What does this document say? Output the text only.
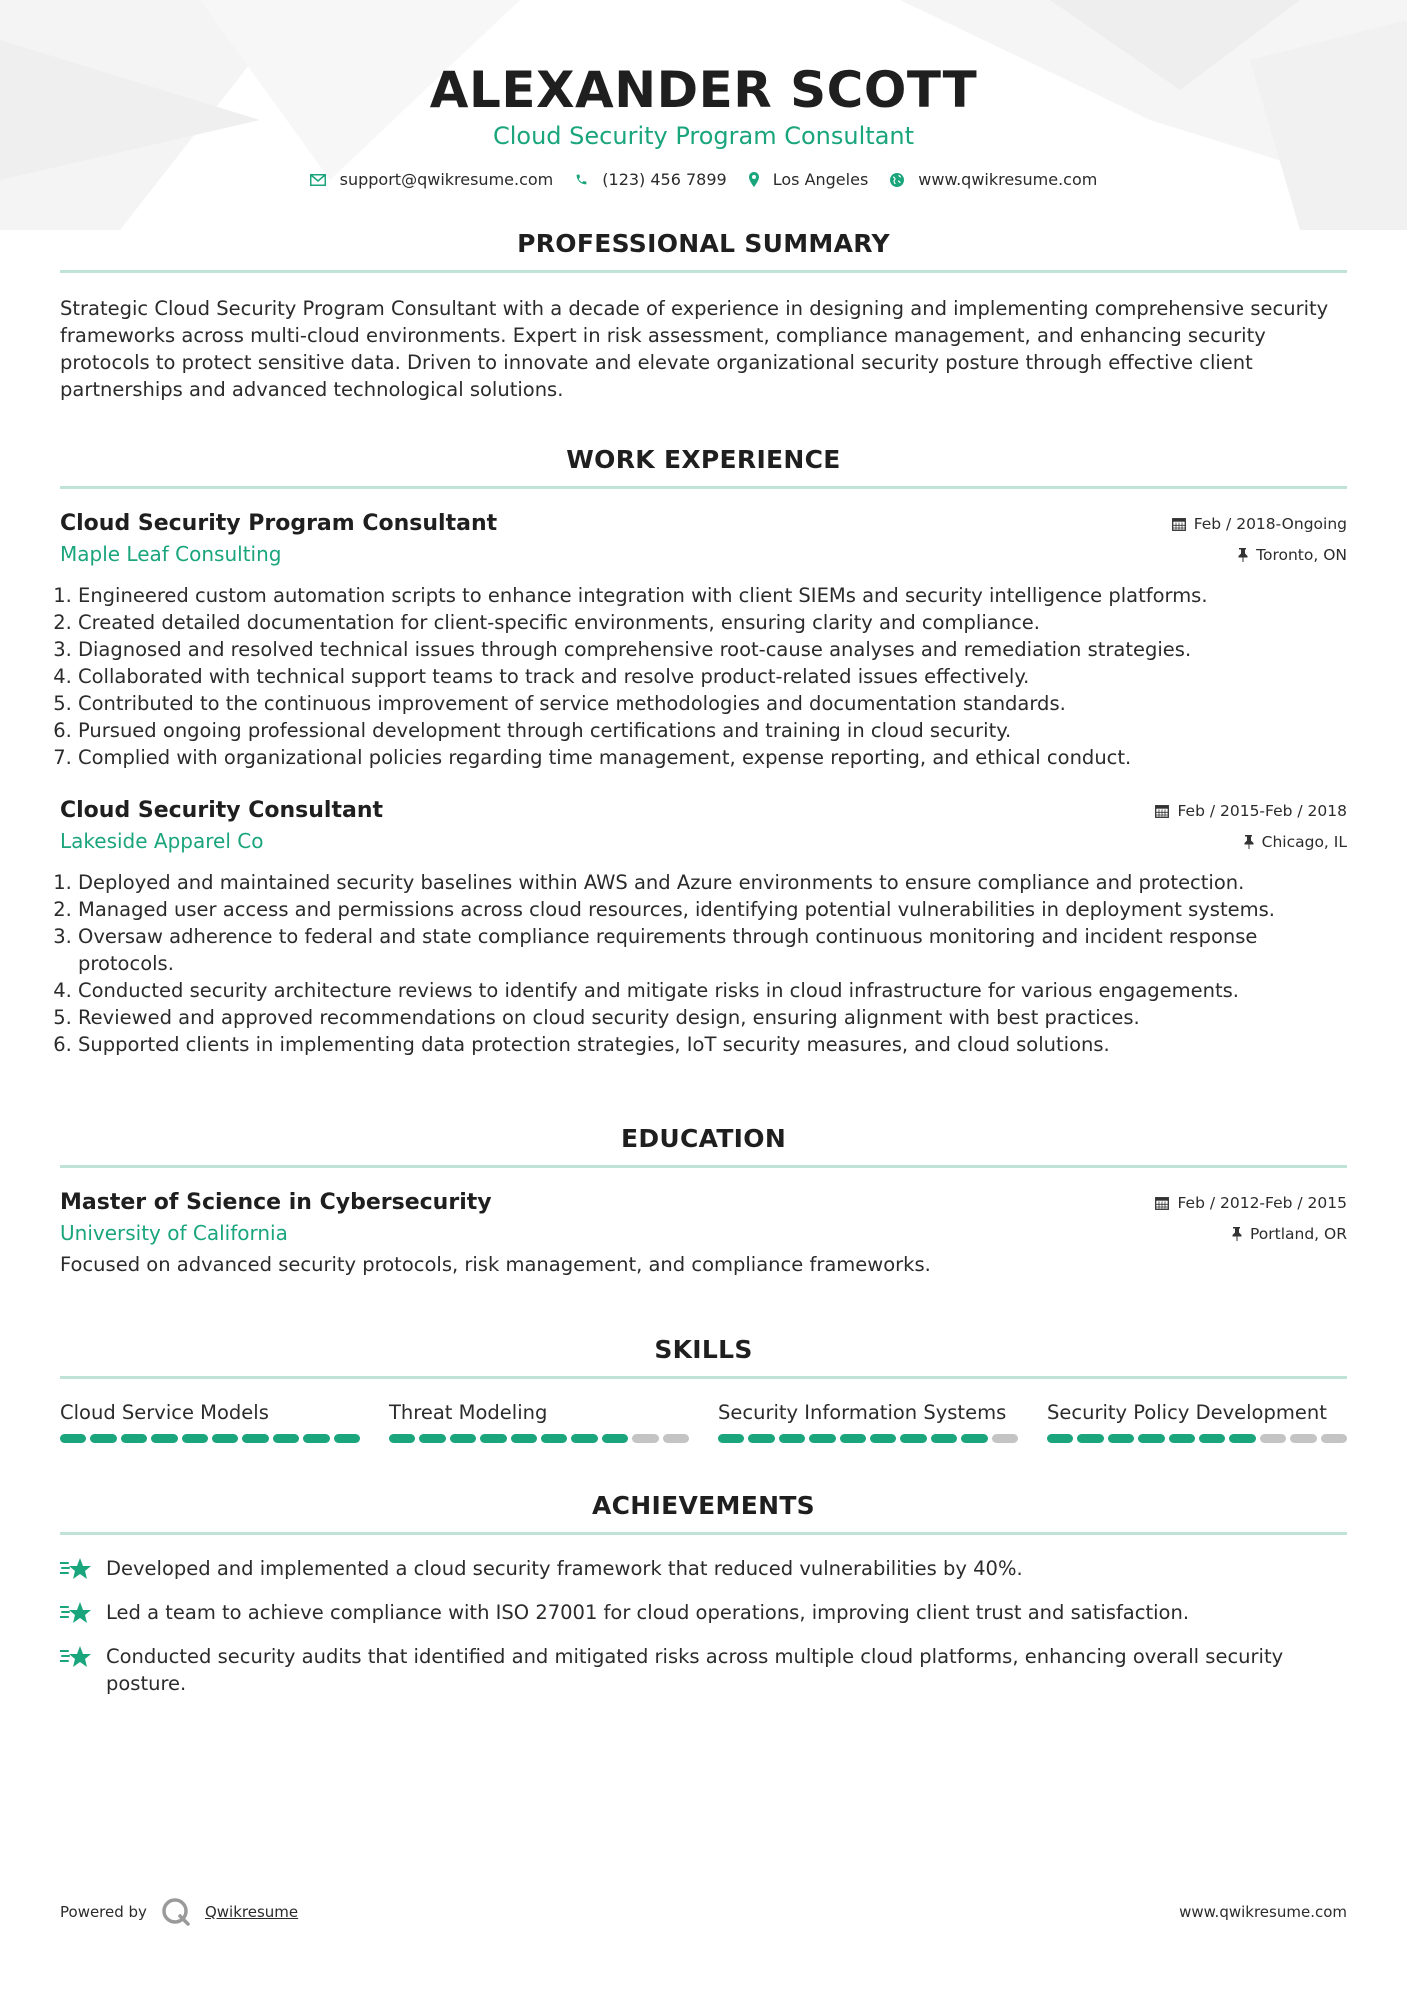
ALEXANDER SCOTT
Cloud Security Program Consultant
support@qwikresume.com	(123) 456 7899	Los Angeles	www.qwikresume.com
PROFESSIONAL SUMMARY

Strategic Cloud Security Program Consultant with a decade of experience in designing and implementing comprehensive security frameworks across multi-cloud environments. Expert in risk assessment, compliance management, and enhancing security protocols to protect sensitive data. Driven to innovate and elevate organizational security posture through effective client partnerships and advanced technological solutions.

WORK EXPERIENCE
Cloud Security Program Consultant	Feb / 2018-Ongoing
Maple Leaf Consulting	Toronto, ON
1. Engineered custom automation scripts to enhance integration with client SIEMs and security intelligence platforms.
2. Created detailed documentation for client-specific environments, ensuring clarity and compliance.
3. Diagnosed and resolved technical issues through comprehensive root-cause analyses and remediation strategies.
4. Collaborated with technical support teams to track and resolve product-related issues effectively.
5. Contributed to the continuous improvement of service methodologies and documentation standards.
6. Pursued ongoing professional development through certifications and training in cloud security.
7. Complied with organizational policies regarding time management, expense reporting, and ethical conduct.
Cloud Security Consultant	Feb / 2015-Feb / 2018
Lakeside Apparel Co	Chicago, IL
1. Deployed and maintained security baselines within AWS and Azure environments to ensure compliance and protection.
2. Managed user access and permissions across cloud resources, identifying potential vulnerabilities in deployment systems.
3. Oversaw adherence to federal and state compliance requirements through continuous monitoring and incident response protocols.
4. Conducted security architecture reviews to identify and mitigate risks in cloud infrastructure for various engagements.
5. Reviewed and approved recommendations on cloud security design, ensuring alignment with best practices.
6. Supported clients in implementing data protection strategies, IoT security measures, and cloud solutions.
EDUCATION
Master of Science in Cybersecurity	Feb / 2012-Feb / 2015
University of California	Portland, OR

Focused on advanced security protocols, risk management, and compliance frameworks.

SKILLS
Cloud Service Models	Threat Modeling	Security Information Systems	Security Policy Development
ACHIEVEMENTS
Developed and implemented a cloud security framework that reduced vulnerabilities by 40%.
Led a team to achieve compliance with ISO 27001 for cloud operations, improving client trust and satisfaction.
Conducted security audits that identified and mitigated risks across multiple cloud platforms, enhancing overall security posture.
Powered by	Qwikresume	www.qwikresume.com
